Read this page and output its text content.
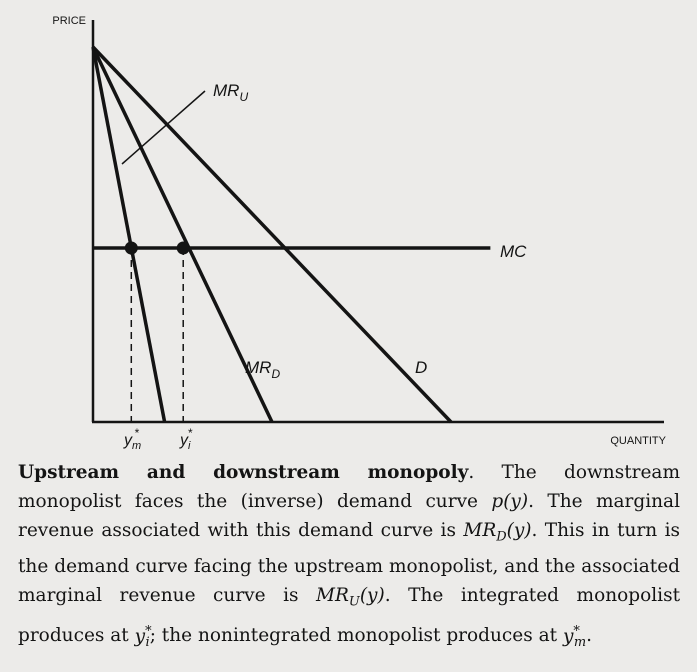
PRICE
QUANTITY
$MR_U$
MC
$MR_D$	D
$y_m*$	$y_i*$
Upstream and downstream monopoly. The downstream monopolist faces the (inverse) demand curve p(y). The marginal revenue associated with this demand curve is $MR_D(y)$. This in turn is the demand curve facing the upstream monopolist, and the associated marginal revenue curve is $MR_U(y)$. The integrated monopolist produces at $y^*_i$; the nonintegrated monopolist produces at $y^*_m$.
